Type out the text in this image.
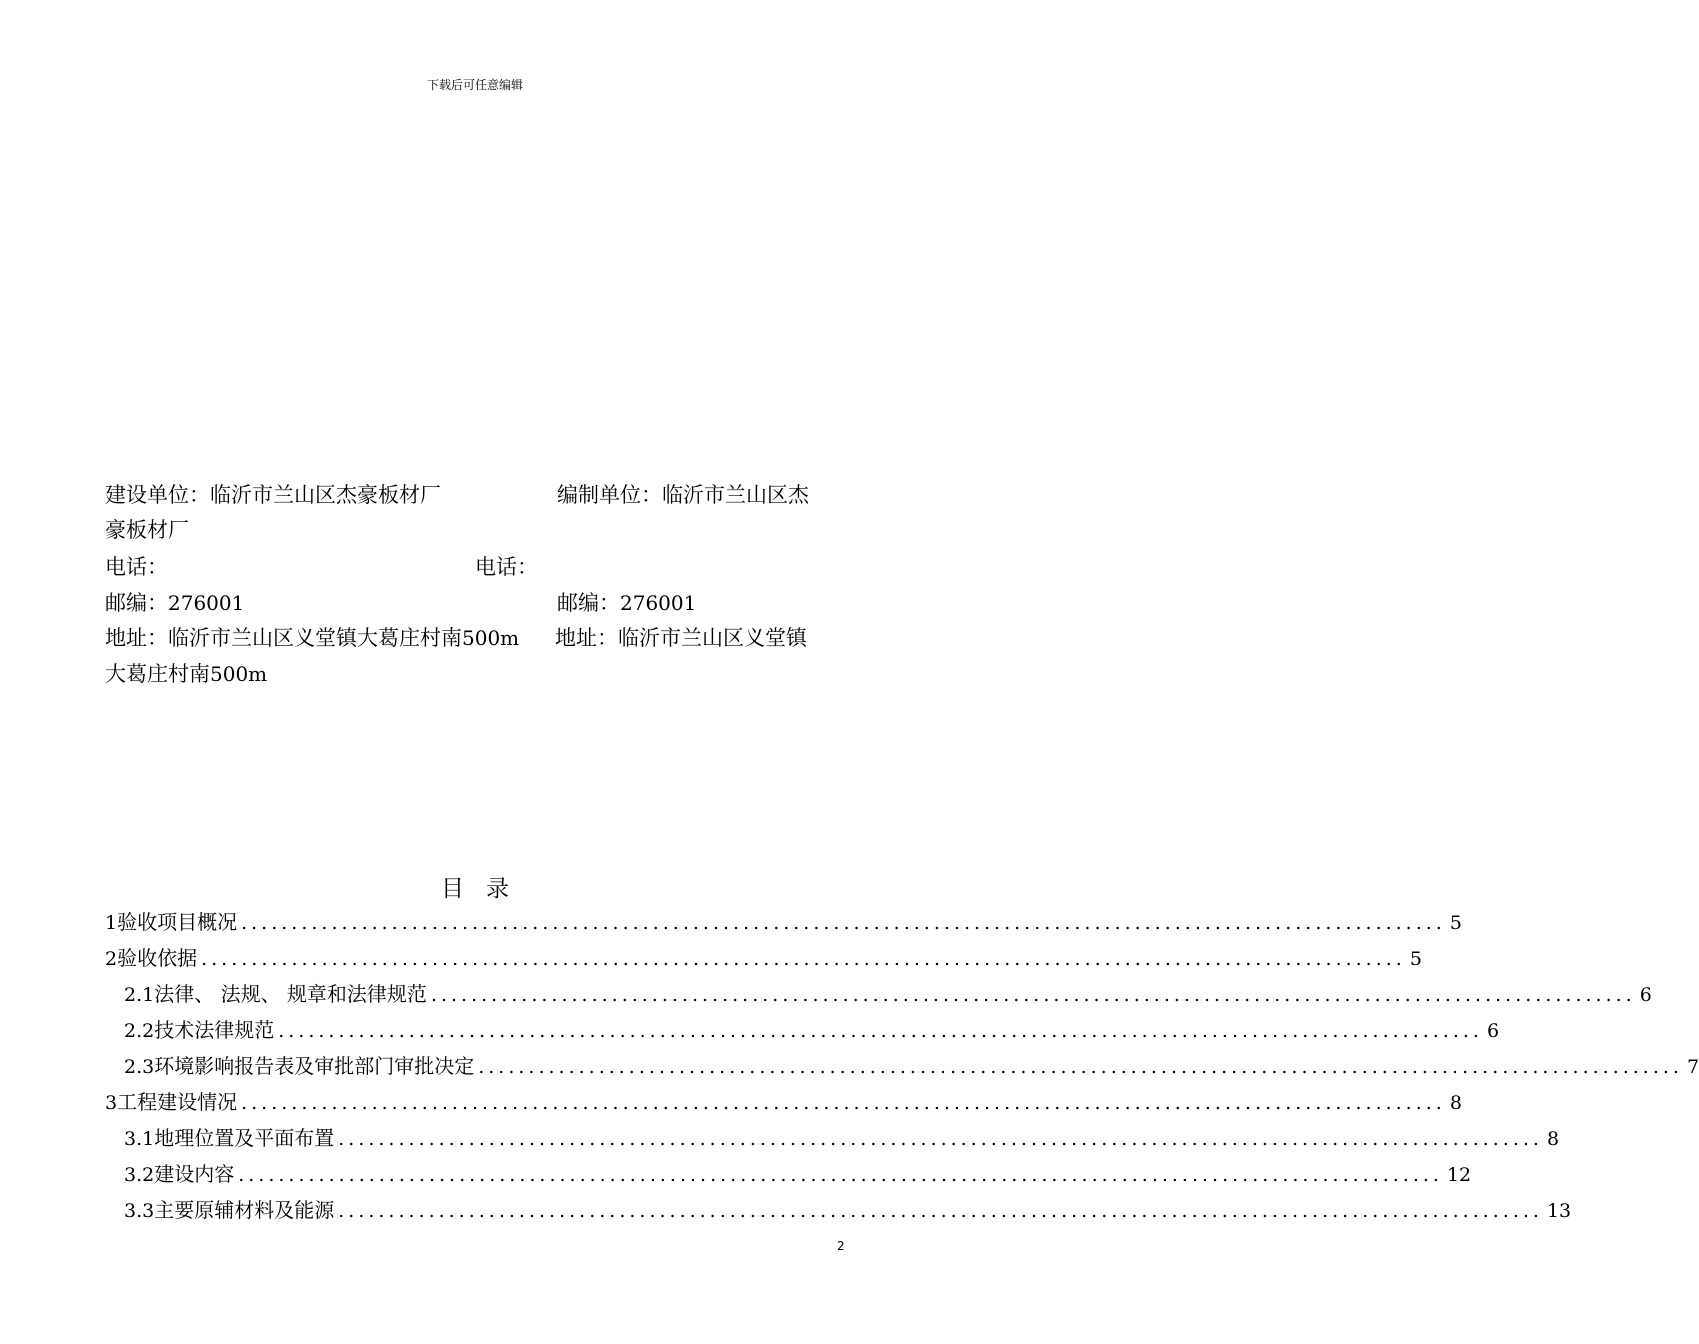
下载后可任意编辑
建设单位：临沂市兰山区杰豪板材厂	编制单位：临沂市兰山区杰
豪板材厂
电话：	电话：
邮编：276001	邮编：276001
地址：临沂市兰山区义堂镇大葛庄村南500m 地址：临沂市兰山区义堂镇
大葛庄村南500m
目录
1 验收项目概况 ........................................................................................................................ 5
2 验收依据 ........................................................................................................................ 5
2.1 法律、 法规、 规章和法律规范 ........................................................................................................................ 6
2.2 技术法律规范 ........................................................................................................................ 6
2.3 环境影响报告表及审批部门审批决定 ........................................................................................................................ 7
3 工程建设情况 ........................................................................................................................ 8
3.1 地理位置及平面布置 ........................................................................................................................ 8
3.2 建设内容 ........................................................................................................................ 12
3.3 主要原辅材料及能源 ........................................................................................................................ 13
2
